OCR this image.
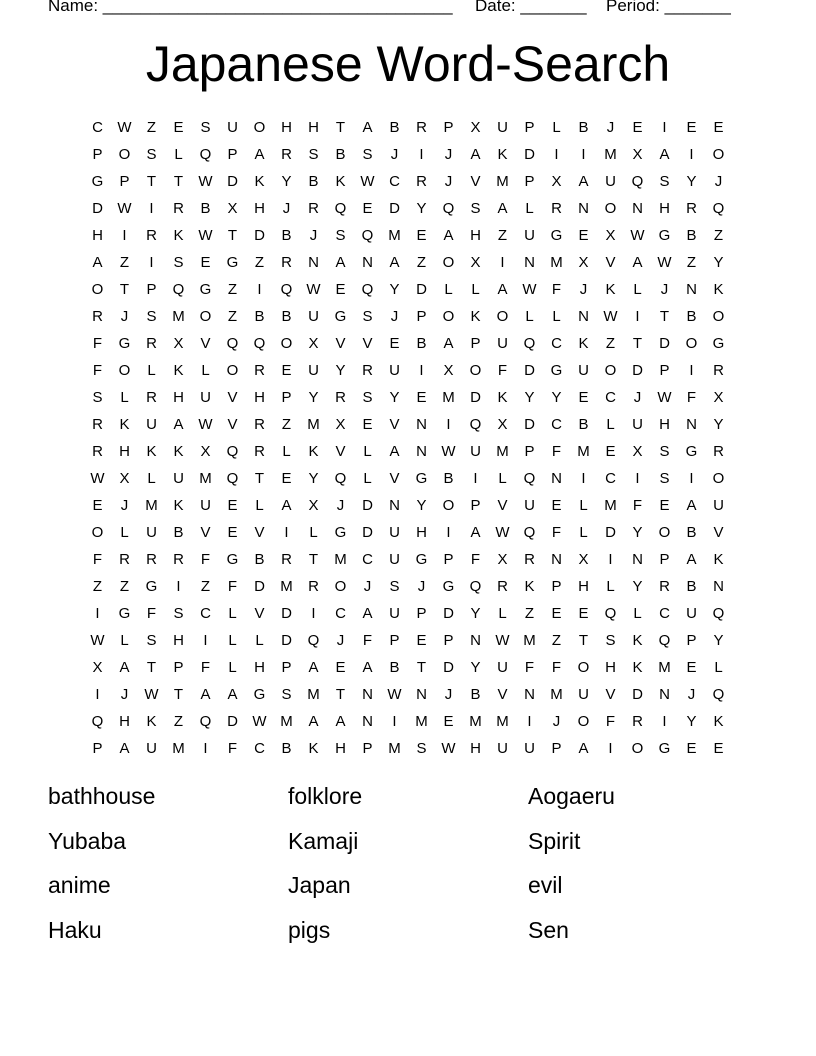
Name: _____________________________________ Date: _______ Period: _______
Japanese Word-Search
C W	Z	E	S	U	O	H	H	T	A	B	R	P	X	U	P	L	B	J	E	I	E	E
P	O	S	L	Q	P	A	R	S	B	S	J	I	J	A	K	D	I	I	M	X	A	I	O
G	P	T	T	W D	K	Y	B	K W C	R	J	V	M	P	X	A	U	Q	S	Y	J
D W	I	R	B	X	H	J	R	Q	E	D	Y	Q	S	A	L	R	N	O	N	H	R	Q
H	I	R	K W	T	D	B	J	S	Q M	E	A	H	Z	U	G	E	X W G	B	Z
A	Z	I	S	E	G	Z	R	N	A	N	A	Z	O	X	I	N	M	X	V	A W	Z	Y
O	T	P	Q	G	Z	I	Q W E	Q	Y	D	L	L	A W	F	J	K	L	J	N	K
R	J	S	M O	Z	B	B	U	G	S	J	P	O	K	O	L	L	N W	I	T	B	O
F	G	R	X	V	Q	Q	O	X	V	V	E	B	A	P	U	Q	C	K	Z	T	D	O	G
F	O	L	K	L	O	R	E	U	Y	R	U	I	X	O	F	D	G	U	O	D	P	I	R
S	L	R	H	U	V	H	P	Y	R	S	Y	E	M	D	K	Y	Y	E	C	J	W	F	X
R	K	U	A W V	R	Z	M	X	E	V	N	I	Q	X	D	C	B	L	U	H	N	Y
R	H	K	K	X	Q	R	L	K	V	L	A	N W U	M	P	F	M	E	X	S	G	R
W X	L	U	M Q	T	E	Y	Q	L	V	G	B	I	L	Q	N	I	C	I	S	I	O
E	J	M	K	U	E	L	A	X	J	D	N	Y	O	P	V	U	E	L	M	F	E	A	U
O	L	U	B	V	E	V	I	L	G	D	U	H	I	A W Q	F	L	D	Y	O	B	V
F	R	R	R	F	G	B	R	T	M	C	U	G	P	F	X	R	N	X	I	N	P	A	K
Z	Z	G	I	Z	F	D	M	R	O	J	S	J	G	Q	R	K	P	H	L	Y	R	B	N
I	G	F	S	C	L	V	D	I	C	A	U	P	D	Y	L	Z	E	E	Q	L	C	U	Q
W	L	S	H	I	L	L	D	Q	J	F	P	E	P	N W M	Z	T	S	K	Q	P	Y
X	A	T	P	F	L	H	P	A	E	A	B	T	D	Y	U	F	F	O	H	K	M	E	L
I	J	W	T	A	A	G	S	M	T	N W N	J	B	V	N	M	U	V	D	N	J	Q
Q	H	K	Z	Q	D W M	A	A	N	I	M	E	M M	I	J	O	F	R	I	Y	K
P	A	U	M	I	F	C	B	K	H	P	M	S W H	U	U	P	A	I	O	G	E	E
bathhouse	folklore	Aogaeru
Yubaba	Kamaji	Spirit
anime	Japan	evil
Haku	pigs	Sen
